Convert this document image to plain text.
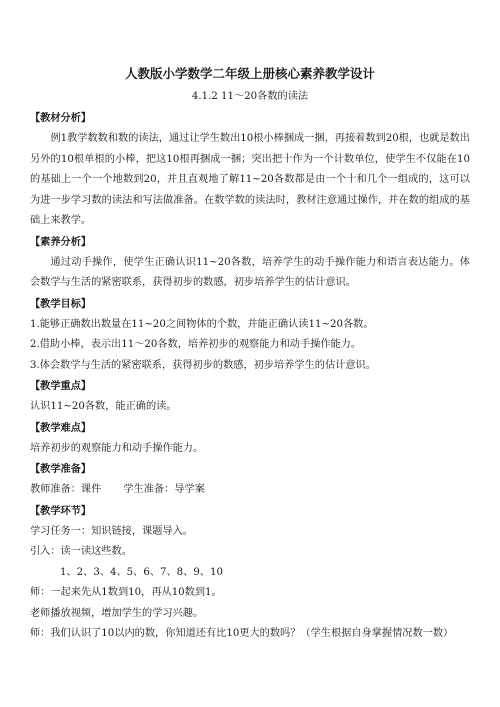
人教版小学数学二年级上册核心素养教学设计
4.1.2 11～20各数的读法
【教材分析】

例1教学数数和数的读法，通过让学生数出10根小棒捆成一捆，再接着数到20根，也就是数出另外的10根单根的小棒，把这10根再捆成一捆；突出把十作为一个计数单位，使学生不仅能在10的基础上一个一个地数到20，并且直观地了解11~20各数都是由一个十和几个一组成的，这可以为进一步学习数的读法和写法做准备。在数学数的读法时，教材注意通过操作，并在数的组成的基础上来教学。

【素养分析】

通过动手操作，使学生正确认识11~20各数，培养学生的动手操作能力和语言表达能力。体会数学与生活的紧密联系，获得初步的数感，初步培养学生的估计意识。

【教学目标】

1.能够正确数出数量在11~20之间物体的个数，并能正确认读11~20各数。

2.借助小棒，表示出11～20各数，培养初步的观察能力和动手操作能力。

3.体会数学与生活的紧密联系，获得初步的数感，初步培养学生的估计意识。

【教学重点】

认识11~20各数，能正确的读。

【教学难点】

培养初步的观察能力和动手操作能力。

【教学准备】

教师准备：课件 学生准备：导学案

【教学环节】

学习任务一：知识链接，课题导入。

引入：读一读这些数。

1、2、3、4、5、6、7、8、9、10

师：一起来先从1数到10，再从10数到1。

老师播放视频，增加学生的学习兴趣。

师：我们认识了10以内的数，你知道还有比10更大的数吗？（学生根据自身掌握情况数一数）
